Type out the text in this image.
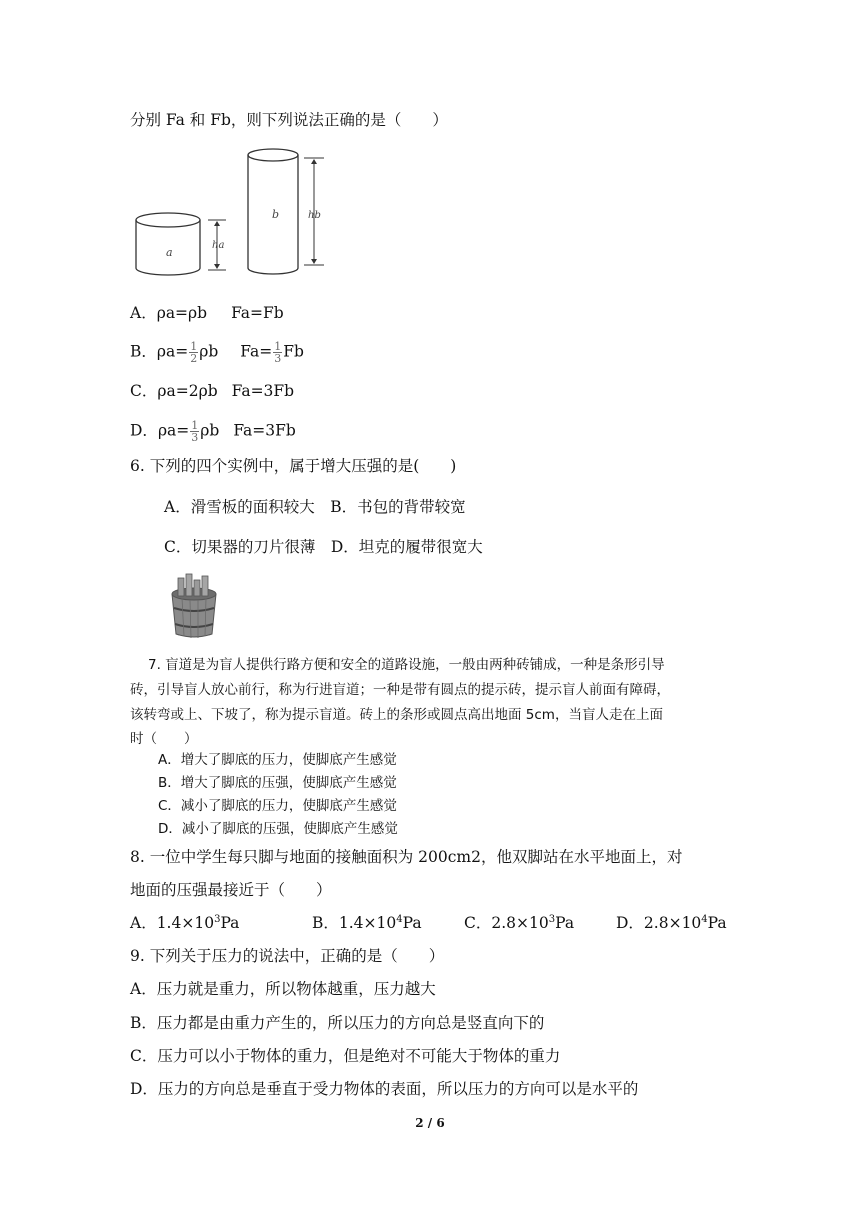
分别 Fa 和 Fb，则下列说法正确的是（　　）
a
b
ha
hb
A．ρa=ρb Fa=Fb
B．$\rho a= \frac{1}{2}$ ρb $Fa= \frac{1}{3}$ Fb
C．ρa=2ρb Fa=3Fb
D．$\rho a= \frac{1}{3}$ ρb Fa=3Fb
6. 下列的四个实例中，属于增大压强的是(　　)
A．滑雪板的面积较大　B．书包的背带较宽
C．切果器的刀片很薄　D．坦克的履带很宽大
7. 盲道是为盲人提供行路方便和安全的道路设施，一般由两种砖铺成，一种是条形引导
砖，引导盲人放心前行，称为行进盲道；一种是带有圆点的提示砖，提示盲人前面有障碍，
该转弯或上、下坡了，称为提示盲道。砖上的条形或圆点高出地面 5cm，当盲人走在上面
时（　　）
A．增大了脚底的压力，使脚底产生感觉
B．增大了脚底的压强，使脚底产生感觉
C．减小了脚底的压力，使脚底产生感觉
D．减小了脚底的压强，使脚底产生感觉
8. 一位中学生每只脚与地面的接触面积为 200cm2，他双脚站在水平地面上，对
地面的压强最接近于（　　）
A．$1.4\times 10^3Pa$	B．$1.4\times 10^4Pa$	C．$2.8\times 10^3Pa$	D．$2.8\times 10^4Pa$
9. 下列关于压力的说法中，正确的是（　　）
A．压力就是重力，所以物体越重，压力越大
B．压力都是由重力产生的，所以压力的方向总是竖直向下的
C．压力可以小于物体的重力，但是绝对不可能大于物体的重力
D．压力的方向总是垂直于受力物体的表面，所以压力的方向可以是水平的
2 / 6
